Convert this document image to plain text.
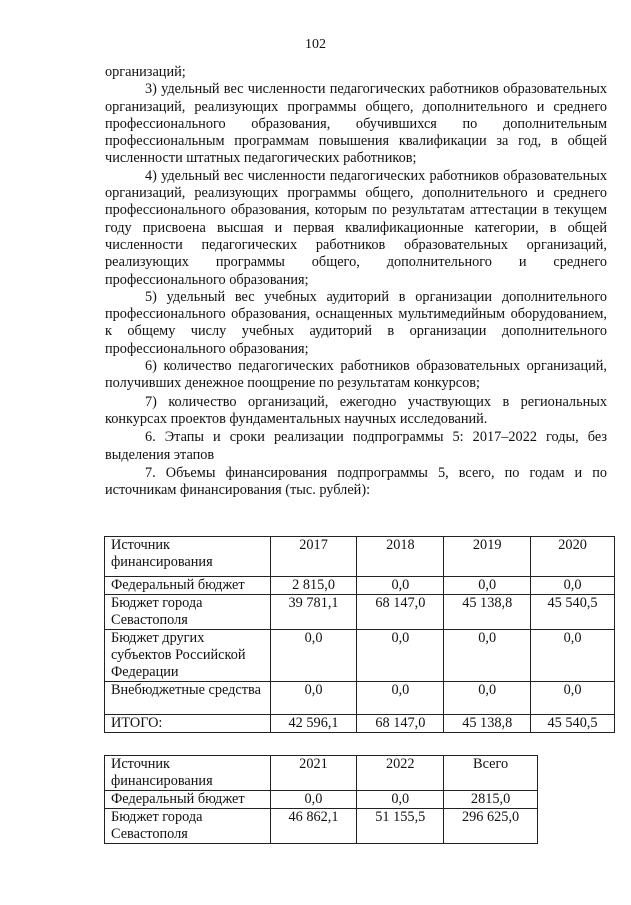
102

организаций;

3) удельный вес численности педагогических работников образовательных организаций, реализующих программы общего, дополнительного и среднего профессионального образования, обучившихся по дополнительным профессиональным программам повышения квалификации за год, в общей численности штатных педагогических работников;

4) удельный вес численности педагогических работников образовательных организаций, реализующих программы общего, дополнительного и среднего профессионального образования, которым по результатам аттестации в текущем году присвоена высшая и первая квалификационные категории, в общей численности педагогических работников образовательных организаций, реализующих программы общего, дополнительного и среднего профессионального образования;

5) удельный вес учебных аудиторий в организации дополнительного профессионального образования, оснащенных мультимедийным оборудованием, к общему числу учебных аудиторий в организации дополнительного профессионального образования;

6) количество педагогических работников образовательных организаций, получивших денежное поощрение по результатам конкурсов;

7) количество организаций, ежегодно участвующих в региональных конкурсах проектов фундаментальных научных исследований.

6. Этапы и сроки реализации подпрограммы 5: 2017–2022 годы, без выделения этапов

7. Объемы финансирования подпрограммы 5, всего, по годам и по источникам финансирования (тыс. рублей):

Источник финансирования	2017	2018	2019	2020
Федеральный бюджет	2 815,0	0,0	0,0	0,0
Бюджет города Севастополя	39 781,1	68 147,0	45 138,8	45 540,5
Бюджет других субъектов Российской Федерации	0,0	0,0	0,0	0,0
Внебюджетные средства	0,0	0,0	0,0	0,0
ИТОГО:	42 596,1	68 147,0	45 138,8	45 540,5
Источник финансирования	2021	2022	Всего
Федеральный бюджет	0,0	0,0	2815,0
Бюджет города Севастополя	46 862,1	51 155,5	296 625,0
